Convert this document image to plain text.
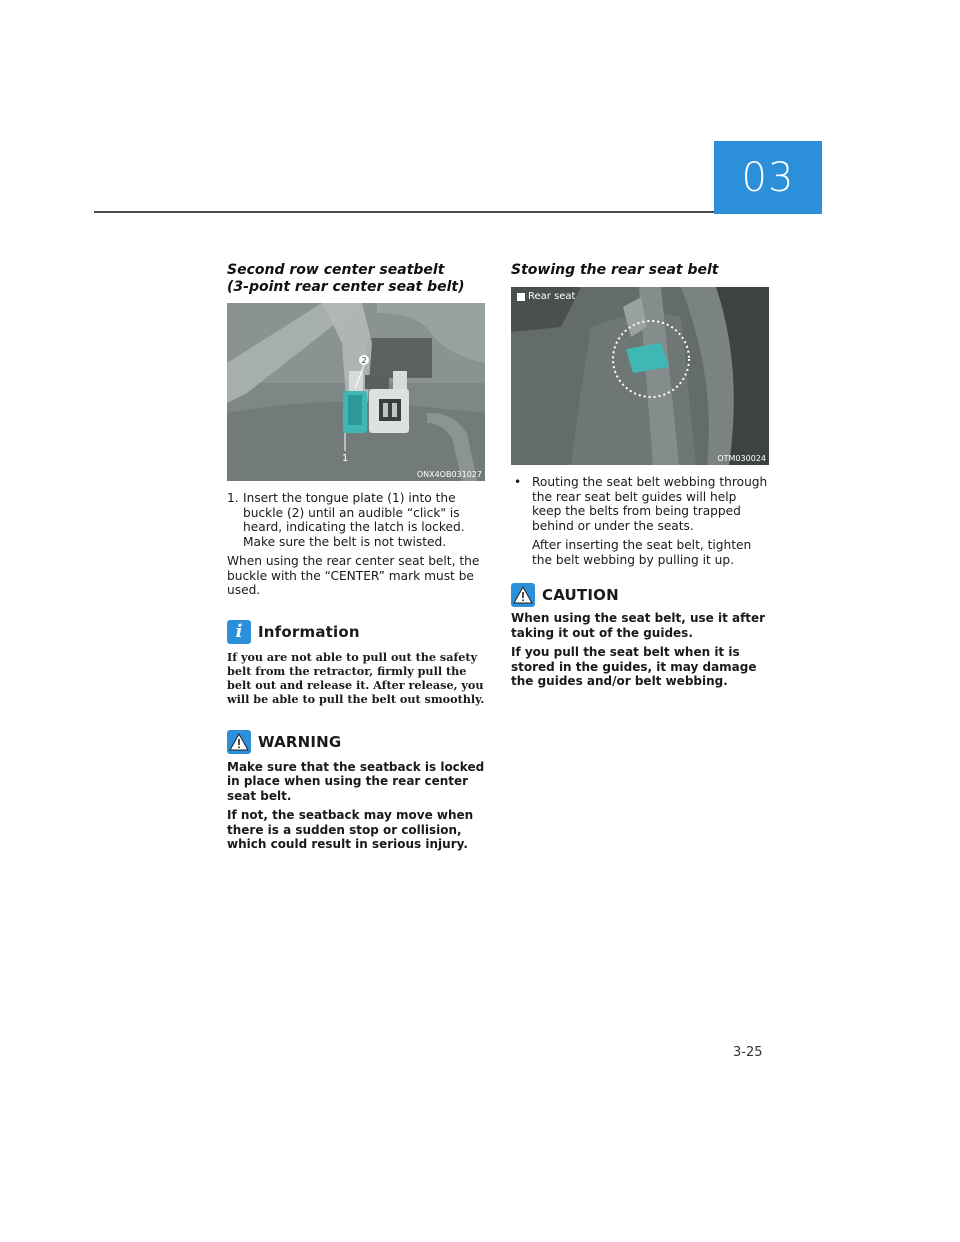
03
Second row center seatbelt
(3-point rear center seat belt)
2
1
ONX4OB031027
1. Insert the tongue plate (1) into the buckle (2) until an audible “click" is heard, indicating the latch is locked. Make sure the belt is not twisted.

When using the rear center seat belt, the buckle with the “CENTER” mark must be used.

i	Information

If you are not able to pull out the safety belt from the retractor, firmly pull the belt out and release it. After release, you will be able to pull the belt out smoothly.

WARNING

Make sure that the seatback is locked in place when using the rear center seat belt.

If not, the seatback may move when there is a sudden stop or collision, which could result in serious injury.

Stowing the rear seat belt
Rear seat
OTM030024
• Routing the seat belt webbing through the rear seat belt guides will help keep the belts from being trapped behind or under the seats.
After inserting the seat belt, tighten the belt webbing by pulling it up.
CAUTION

When using the seat belt, use it after taking it out of the guides.

If you pull the seat belt when it is stored in the guides, it may damage the guides and/or belt webbing.

3-25
